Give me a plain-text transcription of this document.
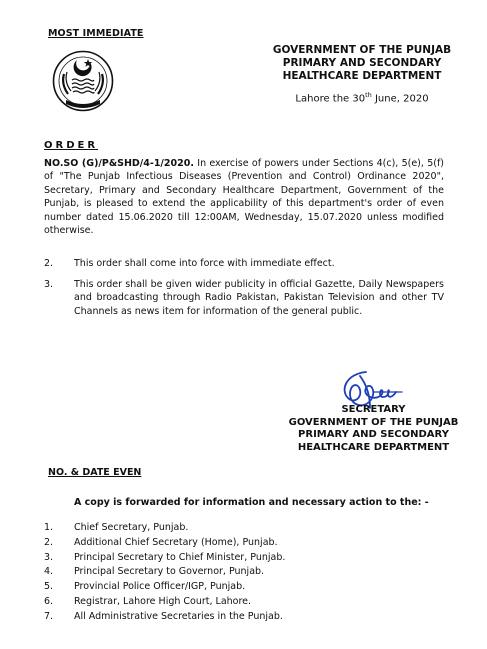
MOST IMMEDIATE
GOVERNMENT OF THE PUNJAB
PRIMARY AND SECONDARY
HEALTHCARE DEPARTMENT
Lahore the 30th June, 2020
ORDER
NO.SO (G)/P&SHD/4-1/2020. In exercise of powers under Sections 4(c), 5(e), 5(f) of "The Punjab Infectious Diseases (Prevention and Control) Ordinance 2020", Secretary, Primary and Secondary Healthcare Department, Government of the Punjab, is pleased to extend the applicability of this department's order of even number dated 15.06.2020 till 12:00AM, Wednesday, 15.07.2020 unless modified otherwise.
2.	This order shall come into force with immediate effect.
3.	This order shall be given wider publicity in official Gazette, Daily Newspapers and broadcasting through Radio Pakistan, Pakistan Television and other TV Channels as news item for information of the general public.
SECRETARY
GOVERNMENT OF THE PUNJAB
PRIMARY AND SECONDARY
HEALTHCARE DEPARTMENT
NO. & DATE EVEN
A copy is forwarded for information and necessary action to the: -
1.	Chief Secretary, Punjab.
2.	Additional Chief Secretary (Home), Punjab.
3.	Principal Secretary to Chief Minister, Punjab.
4.	Principal Secretary to Governor, Punjab.
5.	Provincial Police Officer/IGP, Punjab.
6.	Registrar, Lahore High Court, Lahore.
7.	All Administrative Secretaries in the Punjab.
